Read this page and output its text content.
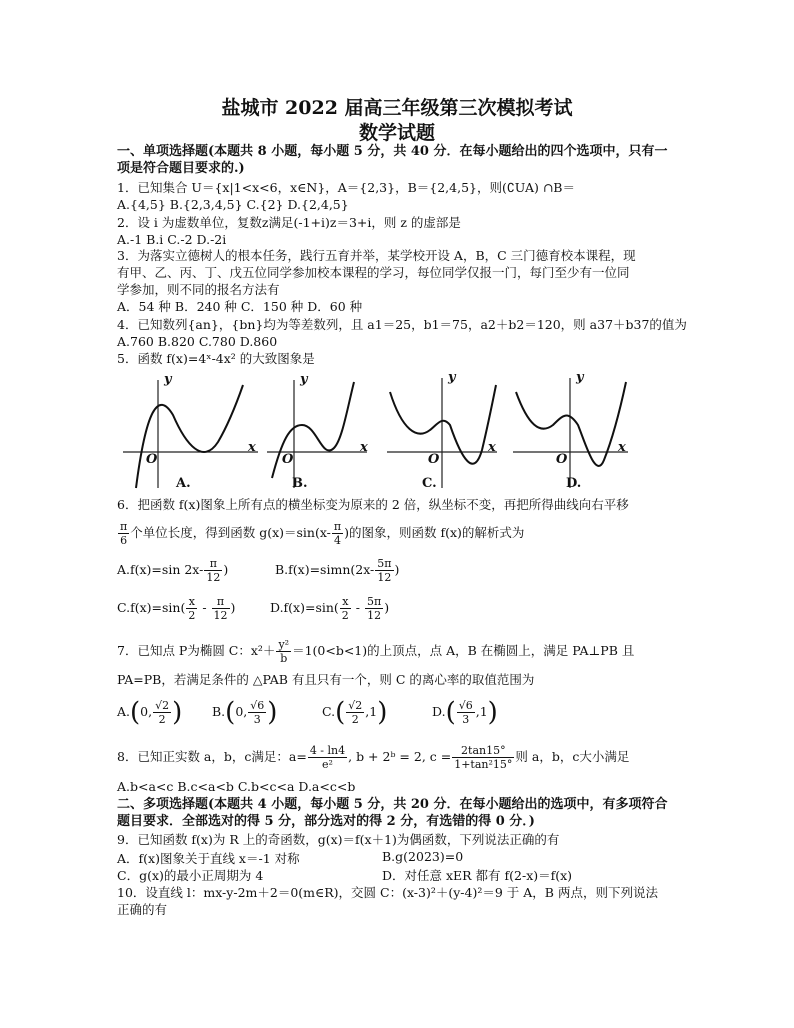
盐城市 2022 届高三年级第三次模拟考试
数学试题
一、单项选择题(本题共 8 小题，每小题 5 分，共 40 分．在每小题给出的四个选项中，只有一
项是符合题目要求的.)
1．已知集合 U＝{x|1<x<6，x∈N}，A＝{2,3}，B＝{2,4,5}，则(∁UA) ∩B＝
A.{4,5} B.{2,3,4,5} C.{2} D.{2,4,5}
2．设 i 为虚数单位，复数z满足(-1+i)z＝3+i，则 z 的虚部是
A.-1 B.i C.-2 D.-2i
3．为落实立德树人的根本任务，践行五育并举，某学校开设 A，B，C 三门德育校本课程，现
有甲、乙、丙、丁、戊五位同学参加校本课程的学习，每位同学仅报一门，每门至少有一位同
学参加，则不同的报名方法有
A．54 种 B．240 种 C．150 种 D．60 种
4．已知数列{an}，{bn}均为等差数列，且 a1＝25，b1＝75，a2＋b2＝120，则 a37＋b37的值为
A.760 B.820 C.780 D.860
5．函数 f(x)=4ˣ-4x² 的大致图象是
y
x
O
A.
y
x
O
B.
y
x
O
C.
y
x
O
D.
6．把函数 f(x)图象上所有点的横坐标变为原来的 2 倍，纵坐标不变，再把所得曲线向右平移
$\frac{\pi}{6}$ 个单位长度，得到函数 $g(x)=\sin(x- \frac{\pi}{4}$ )的图象，则函数 f(x)的解析式为
A.f(x)=sin $2x- \frac{\pi}{12}$ )	B.f(x)=simn(2x- $\frac{5\pi}{12}$ )
$C.f(x)=\sin( \frac{x}{2} - \frac{\pi}{12}$ )	$D.f(x)=\sin( \frac{x}{2} - \frac{5\pi}{12}$ )
7．已知点 P为椭圆 C：$x^2+ \frac{\text{y²}}{b} =1(0<b<1)$的上顶点，点 A，B 在椭圆上，满足 PA⊥PB 且
PA=PB，若满足条件的 △PAB 有且只有一个，则 C 的离心率的取值范围为
A.(0, $\frac{√2}{2}$ ) B.(0, $\frac{√6}{3}$ )	$C.( \frac{√2}{2} ,1)$	$D.( \frac{√6}{3} ,1)$
8．已知正实数 a，b，c满足：$a= \frac{4 - \ln 4}{\text{e²}}$ , b + 2ᵇ = 2, $c = \frac{2\tan 15^\circ}{\text{1+tan²15°}}$ 则 a，b，c大小满足
A.b<a<c B.c<a<b C.b<c<a D.a<c<b
二、多项选择题(本题共 4 小题，每小题 5 分，共 20 分．在每小题给出的选项中，有多项符合
题目要求．全部选对的得 5 分，部分选对的得 2 分，有选错的得 0 分．)
9．已知函数 f(x)为 R 上的奇函数，g(x)＝f(x＋1)为偶函数，下列说法正确的有
A．f(x)图象关于直线 x＝-1 对称	B.g(2023)=0
C．g(x)的最小正周期为 4	D．对任意 xER 都有 f(2-x)＝f(x)
10．设直线 l：mx-y-2m＋2＝0(m∈R)，交圆 C：(x-3)²＋(y-4)²＝9 于 A，B 两点，则下列说法
正确的有
